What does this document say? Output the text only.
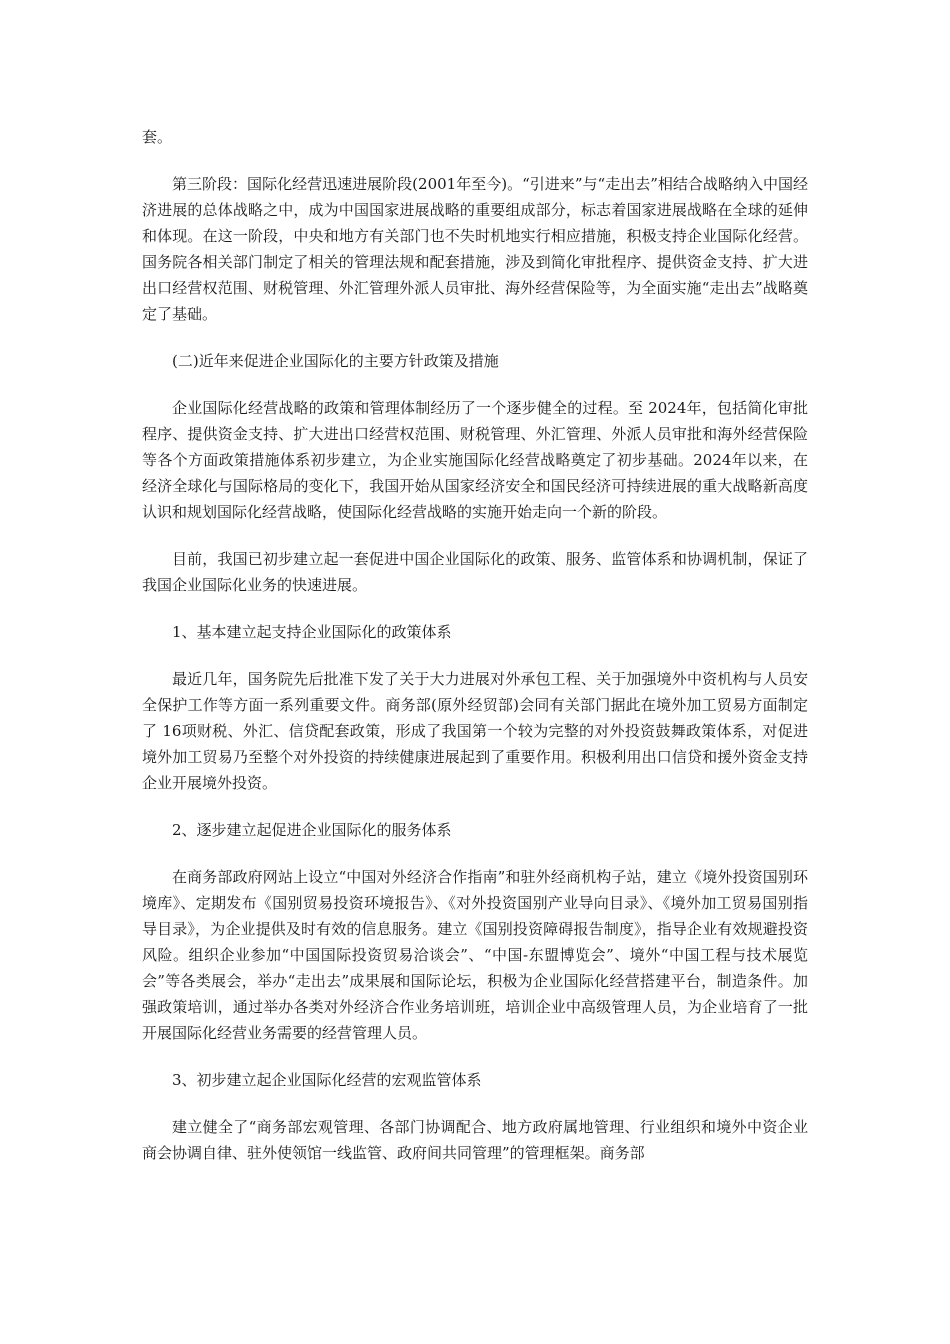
套。

第三阶段：国际化经营迅速进展阶段(2001年至今)。“引进来”与“走出去”相结合战略纳入中国经济进展的总体战略之中，成为中国国家进展战略的重要组成部分，标志着国家进展战略在全球的延伸和体现。在这一阶段，中央和地方有关部门也不失时机地实行相应措施，积极支持企业国际化经营。国务院各相关部门制定了相关的管理法规和配套措施，涉及到简化审批程序、提供资金支持、扩大进出口经营权范围、财税管理、外汇管理外派人员审批、海外经营保险等，为全面实施“走出去”战略奠定了基础。

(二)近年来促进企业国际化的主要方针政策及措施

企业国际化经营战略的政策和管理体制经历了一个逐步健全的过程。至 2024年，包括简化审批程序、提供资金支持、扩大进出口经营权范围、财税管理、外汇管理、外派人员审批和海外经营保险等各个方面政策措施体系初步建立，为企业实施国际化经营战略奠定了初步基础。2024年以来，在经济全球化与国际格局的变化下，我国开始从国家经济安全和国民经济可持续进展的重大战略新高度认识和规划国际化经营战略，使国际化经营战略的实施开始走向一个新的阶段。

目前，我国已初步建立起一套促进中国企业国际化的政策、服务、监管体系和协调机制，保证了我国企业国际化业务的快速进展。

1、基本建立起支持企业国际化的政策体系

最近几年，国务院先后批准下发了关于大力进展对外承包工程、关于加强境外中资机构与人员安全保护工作等方面一系列重要文件。商务部(原外经贸部)会同有关部门据此在境外加工贸易方面制定了 16项财税、外汇、信贷配套政策，形成了我国第一个较为完整的对外投资鼓舞政策体系，对促进境外加工贸易乃至整个对外投资的持续健康进展起到了重要作用。积极利用出口信贷和援外资金支持企业开展境外投资。

2、逐步建立起促进企业国际化的服务体系

在商务部政府网站上设立“中国对外经济合作指南”和驻外经商机构子站，建立《境外投资国别环境库》、定期发布《国别贸易投资环境报告》、《对外投资国别产业导向目录》、《境外加工贸易国别指导目录》，为企业提供及时有效的信息服务。建立《国别投资障碍报告制度》，指导企业有效规避投资风险。组织企业参加“中国国际投资贸易洽谈会”、“中国-东盟博览会”、境外“中国工程与技术展览会”等各类展会，举办“走出去”成果展和国际论坛，积极为企业国际化经营搭建平台，制造条件。加强政策培训，通过举办各类对外经济合作业务培训班，培训企业中高级管理人员，为企业培育了一批开展国际化经营业务需要的经营管理人员。

3、初步建立起企业国际化经营的宏观监管体系

建立健全了“商务部宏观管理、各部门协调配合、地方政府属地管理、行业组织和境外中资企业商会协调自律、驻外使领馆一线监管、政府间共同管理”的管理框架。商务部
